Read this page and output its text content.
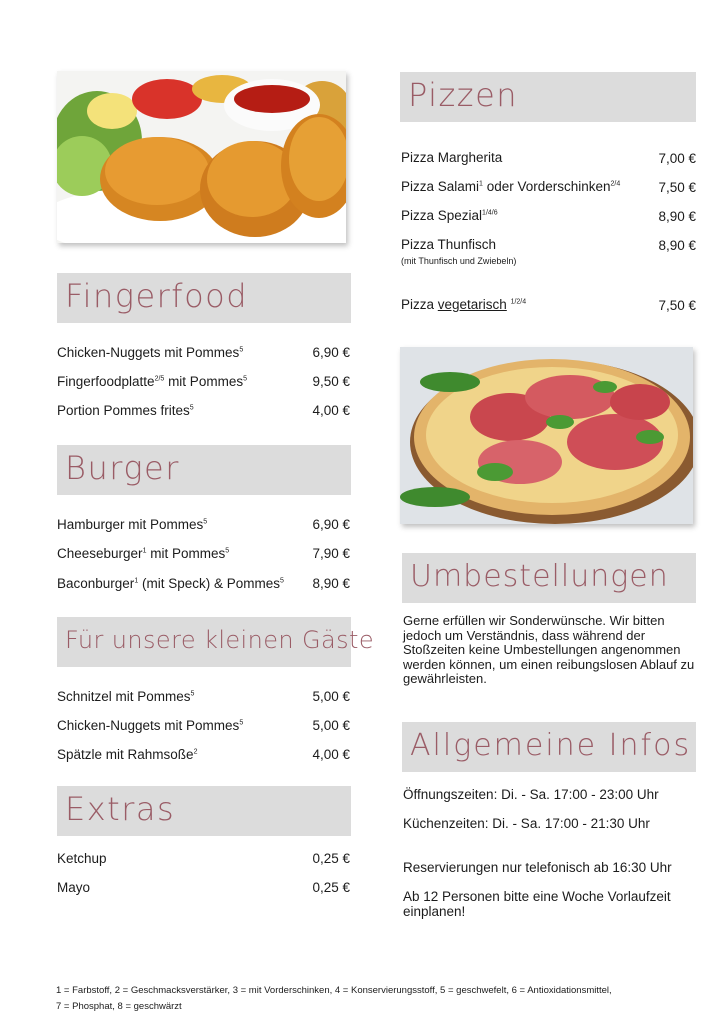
Fingerfood
Chicken-Nuggets mit Pommes$^5$	6,90 €
Fingerfoodplatte$^{2/5}$ mit Pommes$^5$	9,50 €
Portion Pommes frites$^5$	4,00 €
Burger
Hamburger mit Pommes$^5$	6,90 €
Cheeseburger$^1$ mit Pommes$^5$	7,90 €
Baconburger$^1$ (mit Speck) & Pommes$^5$ 8,90 €
Für unsere kleinen Gäste
Schnitzel mit Pommes$^5$	5,00 €
Chicken-Nuggets mit Pommes$^5$	5,00 €
Spätzle mit Rahmsoße$^2$	4,00 €
Extras
Ketchup	0,25 €
Mayo	0,25 €
Pizzen
Pizza Margherita	7,00 €
Pizza Salami$^1$ oder Vorderschinken$^{2/4}$	7,50 €
Pizza Spezial$^{1/4/6}$	8,90 €
Pizza Thunfisch
(mit Thunfisch und Zwiebeln)
8,90 €
Pizza vegetarisch $^{1/2/4}$	7,50 €
Umbestellungen
Gerne erfüllen wir Sonderwünsche. Wir bitten jedoch um Verständnis, dass während der Stoßzeiten keine Umbestellungen angenommen werden können, um einen reibungslosen Ablauf zu gewährleisten.
Allgemeine Infos
Öffnungszeiten: Di. - Sa. 17:00 - 23:00 Uhr
Küchenzeiten: Di. - Sa. 17:00 - 21:30 Uhr
Reservierungen nur telefonisch ab 16:30 Uhr
Ab 12 Personen bitte eine Woche Vorlaufzeit einplanen!
1 = Farbstoff, 2 = Geschmacksverstärker, 3 = mit Vorderschinken, 4 = Konservierungsstoff, 5 = geschwefelt, 6 = Antioxidationsmittel,
7 = Phosphat, 8 = geschwärzt
